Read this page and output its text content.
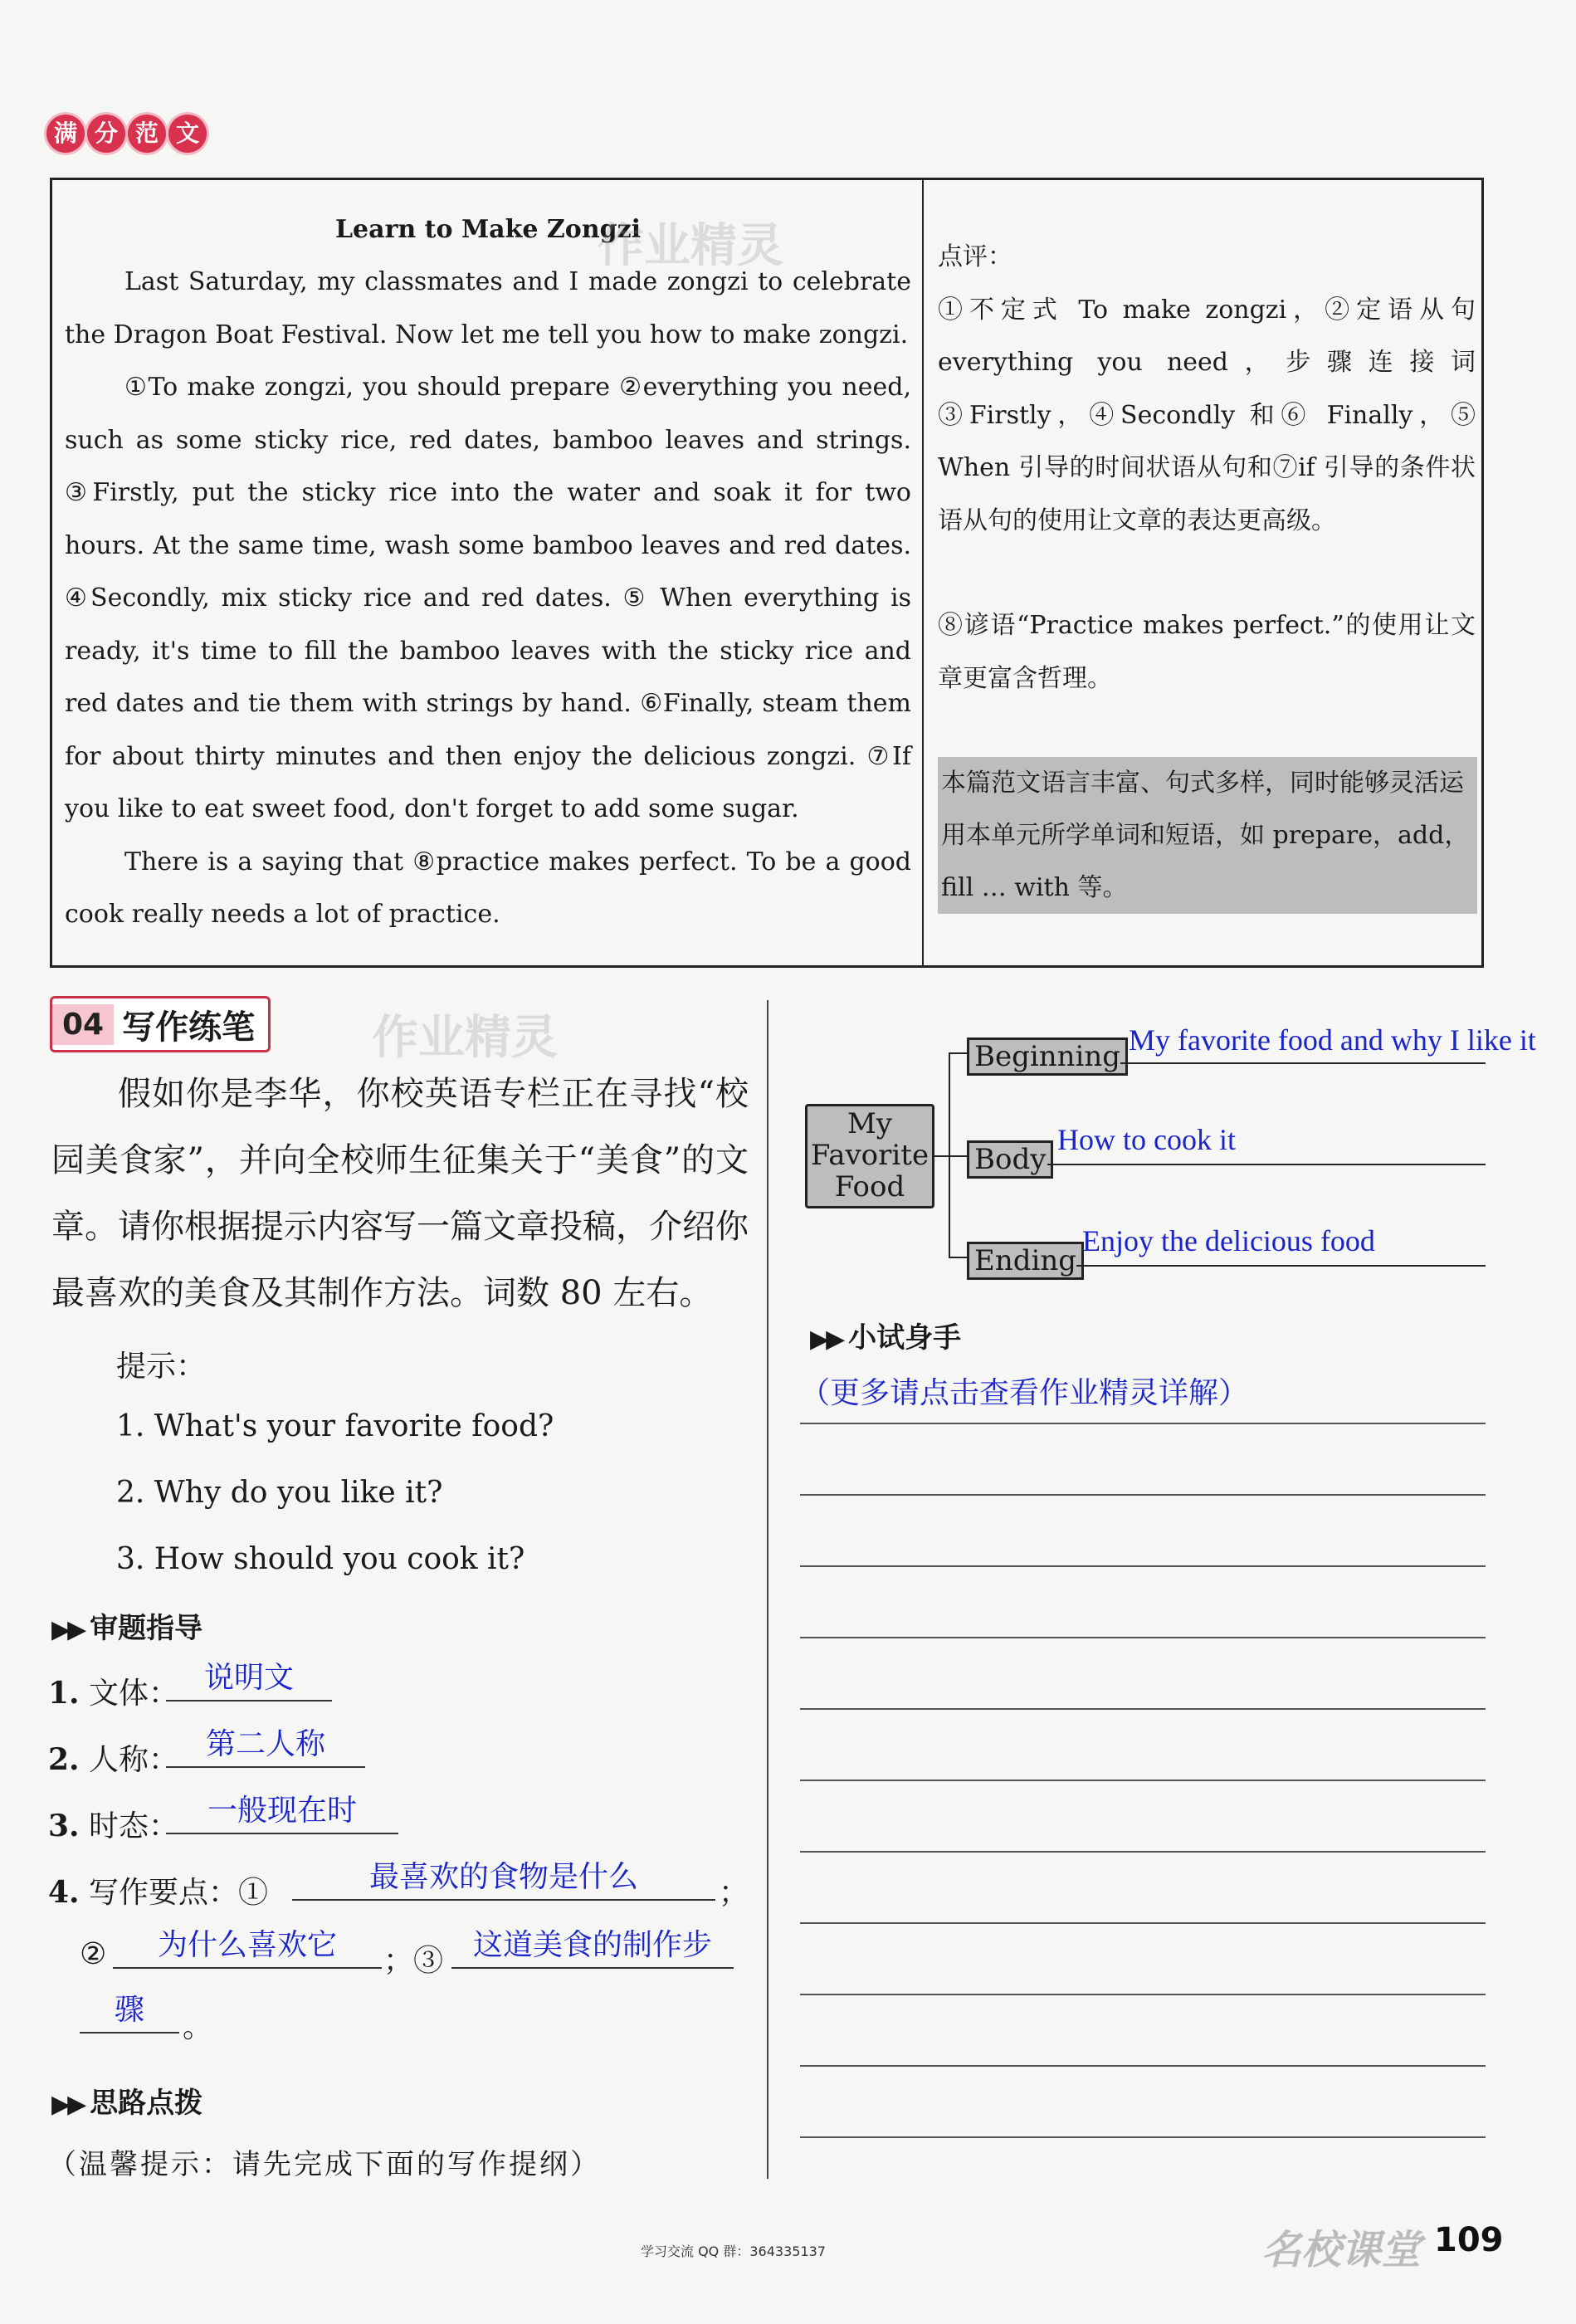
满 分 范 文
Learn to Make Zongzi

Last Saturday, my classmates and I made zongzi to celebrate the Dragon Boat Festival. Now let me tell you how to make zongzi.

①To make zongzi, you should prepare ②everything you need, such as some sticky rice, red dates, bamboo leaves and strings. ③Firstly, put the sticky rice into the water and soak it for two hours. At the same time, wash some bamboo leaves and red dates. ④Secondly, mix sticky rice and red dates. ⑤ When everything is ready, it's time to fill the bamboo leaves with the sticky rice and red dates and tie them with strings by hand. ⑥Finally, steam them for about thirty minutes and then enjoy the delicious zongzi. ⑦If you like to eat sweet food, don't forget to add some sugar.

There is a saying that ⑧practice makes perfect. To be a good cook really needs a lot of practice.

点评：

①不定式 To make zongzi，②定语从句 everything you need，步骤连接词③Firstly，④Secondly 和⑥ Finally，⑤ When 引导的时间状语从句和⑦if 引导的条件状语从句的使用让文章的表达更高级。

⑧谚语“Practice makes perfect.”的使用让文章更富含哲理。

本篇范文语言丰富、句式多样，同时能够灵活运用本单元所学单词和短语，如 prepare，add，fill … with 等。
04 写作练笔
假如你是李华，你校英语专栏正在寻找“校园美食家”，并向全校师生征集关于“美食”的文章。请你根据提示内容写一篇文章投稿，介绍你最喜欢的美食及其制作方法。词数 80 左右。
提示：
1. What's your favorite food?
2. Why do you like it?
3. How should you cook it?
▶▶ 审题指导
1. 文体： 说明文
2. 人称： 第二人称
3. 时态： 一般现在时
4. 写作要点：①	最喜欢的食物是什么	；
②	为什么喜欢它	；③ 这道美食的制作步
骤
。
▶▶ 思路点拨
（温馨提示：请先完成下面的写作提纲）
My
Favorite
Food
Beginning
Body
Ending
My favorite food and why I like it
How to cook it
Enjoy the delicious food
▶▶ 小试身手
（更多请点击查看作业精灵详解）
作业精灵
作业精灵
学习交流 QQ 群：364335137	名校课堂 109
